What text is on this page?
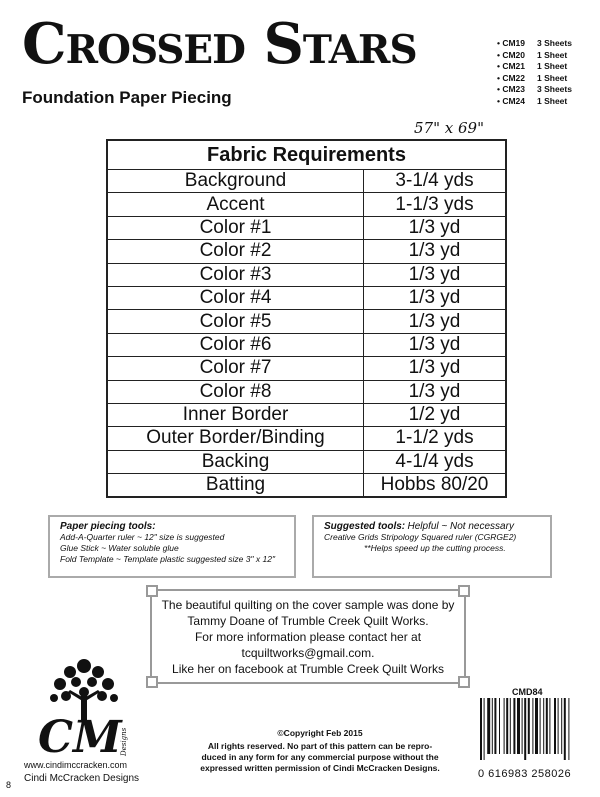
Crossed Stars
Foundation Paper Piecing
• CM19 3 Sheets
• CM20 1 Sheet
• CM21 1 Sheet
• CM22 1 Sheet
• CM23 3 Sheets
• CM24 1 Sheet
57" x 69"
Fabric Requirements	
Background	3-1/4 yds
Accent	1-1/3 yds
Color #1	1/3 yd
Color #2	1/3 yd
Color #3	1/3 yd
Color #4	1/3 yd
Color #5	1/3 yd
Color #6	1/3 yd
Color #7	1/3 yd
Color #8	1/3 yd
Inner Border	1/2 yd
Outer Border/Binding	1-1/2 yds
Backing	4-1/4 yds
Batting	Hobbs 80/20
Paper piecing tools:
Add-A-Quarter ruler ~ 12" size is suggested
Glue Stick ~ Water soluble glue
Fold Template ~ Template plastic suggested size 3" x 12"
Suggested tools: Helpful ~ Not necessary
Creative Grids Stripology Squared ruler (CGRGE2)
**Helps speed up the cutting process.
The beautiful quilting on the cover sample was done by
Tammy Doane of Trumble Creek Quilt Works.
For more information please contact her at
tcquiltworks@gmail.com.
Like her on facebook at Trumble Creek Quilt Works
CM
Designs
www.cindimccracken.com
Cindi McCracken Designs
8
©Copyright Feb 2015
All rights reserved. No part of this pattern can be repro-
duced in any form for any commercial purpose without the
expressed written permission of Cindi McCracken Designs.
CMD84
0 616983 258026
